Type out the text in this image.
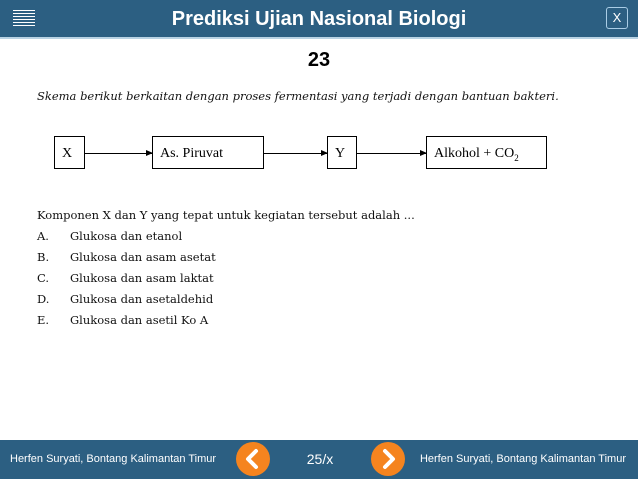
Prediksi Ujian Nasional Biologi	X
23
Skema berikut berkaitan dengan proses fermentasi yang terjadi dengan bantuan bakteri.
X	As. Piruvat	Y	Alkohol + $CO_2$
Komponen X dan Y yang tepat untuk kegiatan tersebut adalah ...
A. Glukosa dan etanol
B. Glukosa dan asam asetat
C. Glukosa dan asam laktat
D. Glukosa dan asetaldehid
E. Glukosa dan asetil Ko A
Herfen Suryati, Bontang Kalimantan Timur	25/x	Herfen Suryati, Bontang Kalimantan Timur
